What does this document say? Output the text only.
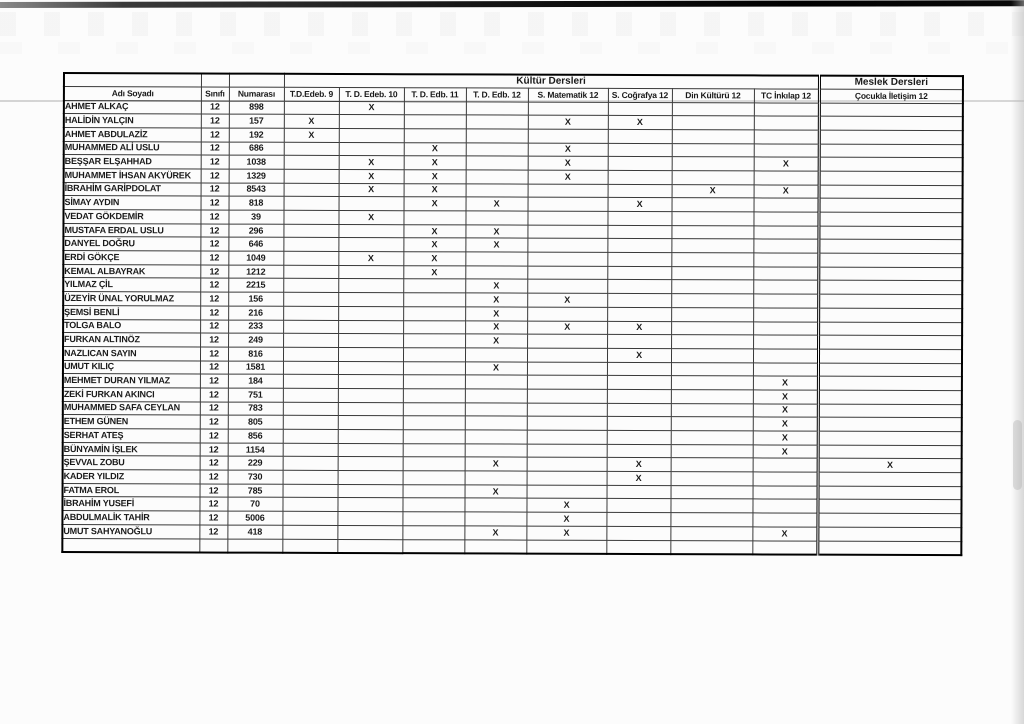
			Kültür Dersleri								Meslek Dersleri
Adı Soyadı	Sınıfı	Numarası	T.D.Edeb. 9	T. D. Edeb. 10	T. D. Edb. 11	T. D. Edb. 12	S. Matematik 12	S. Coğrafya 12	Din Kültürü 12	TC İnkılap 12	Çocukla İletişim 12
AHMET ALKAÇ	12	898		X							
HALİDİN YALÇIN	12	157	X				X	X			
AHMET ABDULAZİZ	12	192	X								
MUHAMMED ALİ USLU	12	686			X		X				
BEŞŞAR ELŞAHHAD	12	1038		X	X		X			X	
MUHAMMET İHSAN AKYÜREK	12	1329		X	X		X				
İBRAHİM GARİPDOLAT	12	8543		X	X				X	X	
SİMAY AYDIN	12	818			X	X		X			
VEDAT GÖKDEMİR	12	39		X							
MUSTAFA ERDAL USLU	12	296			X	X					
DANYEL DOĞRU	12	646			X	X					
ERDİ GÖKÇE	12	1049		X	X						
KEMAL ALBAYRAK	12	1212			X						
YILMAZ ÇİL	12	2215				X					
ÜZEYİR ÜNAL YORULMAZ	12	156				X	X				
ŞEMSİ BENLİ	12	216				X					
TOLGA BALO	12	233				X	X	X			
FURKAN ALTINÖZ	12	249				X					
NAZLICAN SAYIN	12	816						X			
UMUT KILIÇ	12	1581				X					
MEHMET DURAN YILMAZ	12	184								X	
ZEKİ FURKAN AKINCI	12	751								X	
MUHAMMED SAFA CEYLAN	12	783								X	
ETHEM GÜNEN	12	805								X	
SERHAT ATEŞ	12	856								X	
BÜNYAMİN İŞLEK	12	1154								X	
ŞEVVAL ZOBU	12	229				X		X			X
KADER YILDIZ	12	730						X			
FATMA EROL	12	785				X					
İBRAHİM YUSEFİ	12	70					X				
ABDULMALİK TAHİR	12	5006					X				
UMUT SAHYANOĞLU	12	418				X	X			X	
